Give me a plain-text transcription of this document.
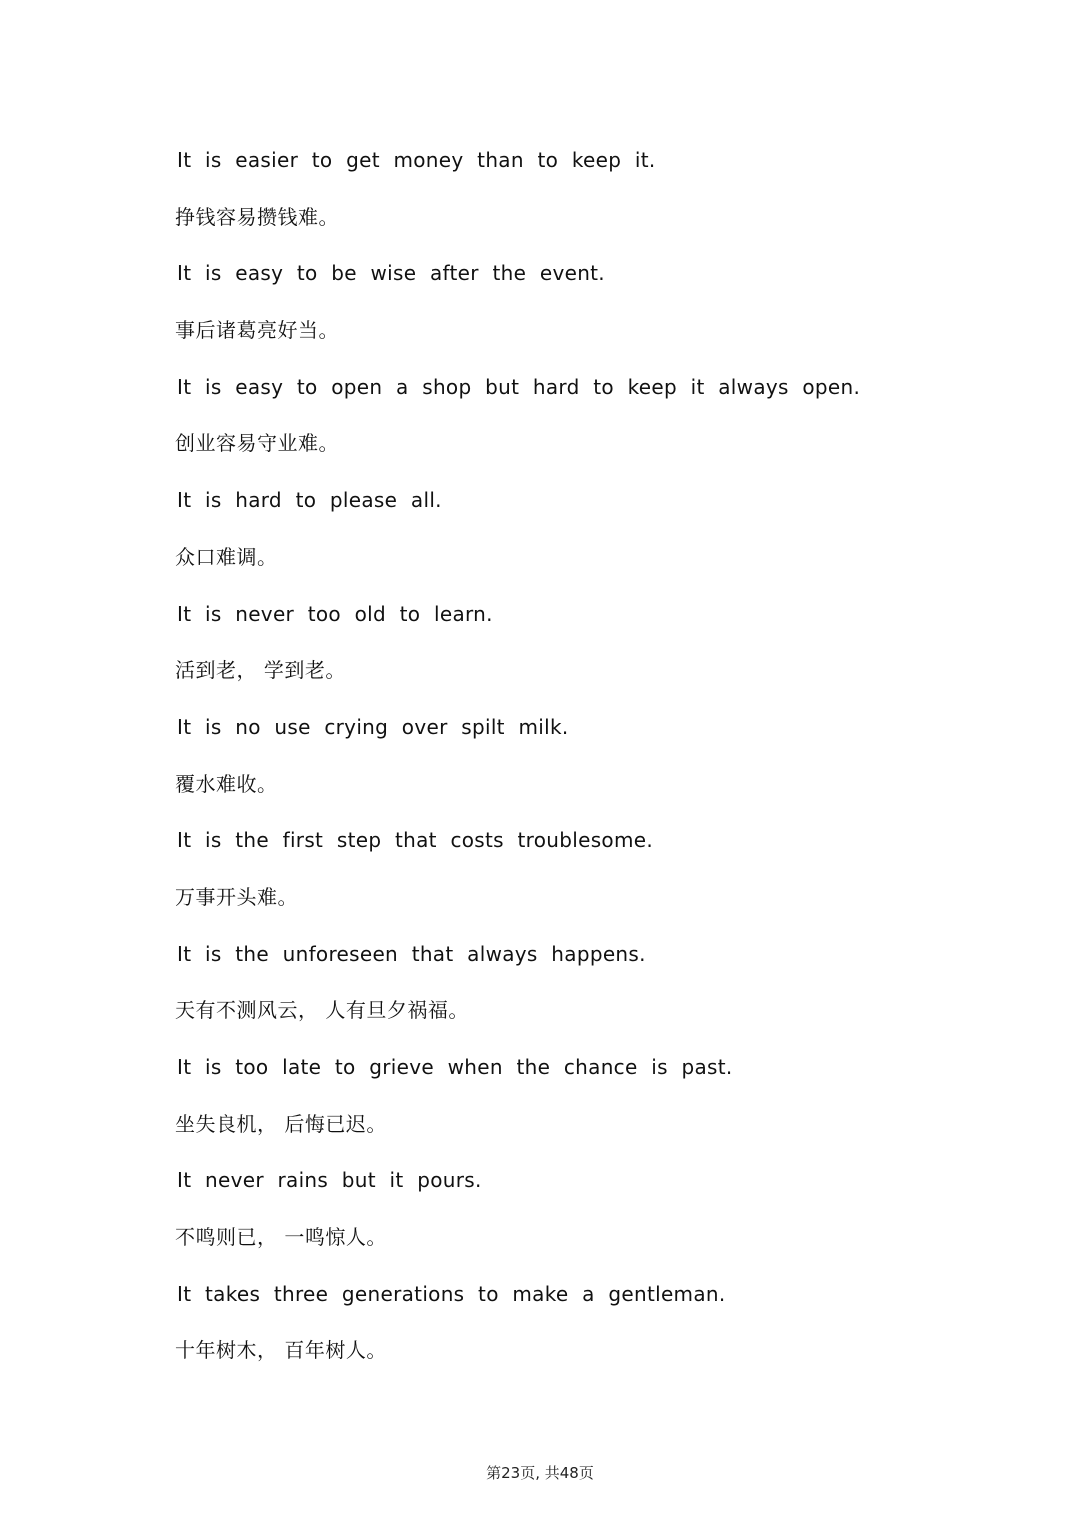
It is easier to get money than to keep it.
挣钱容易攒钱难。
It is easy to be wise after the event.
事后诸葛亮好当。
It is easy to open a shop but hard to keep it always open.
创业容易守业难。
It is hard to please all.
众口难调。
It is never too old to learn.
活到老， 学到老。
It is no use crying over spilt milk.
覆水难收。
It is the first step that costs troublesome.
万事开头难。
It is the unforeseen that always happens.
天有不测风云， 人有旦夕祸福。
It is too late to grieve when the chance is past.
坐失良机， 后悔已迟。
It never rains but it pours.
不鸣则已， 一鸣惊人。
It takes three generations to make a gentleman.
十年树木， 百年树人。
第23页, 共48页
